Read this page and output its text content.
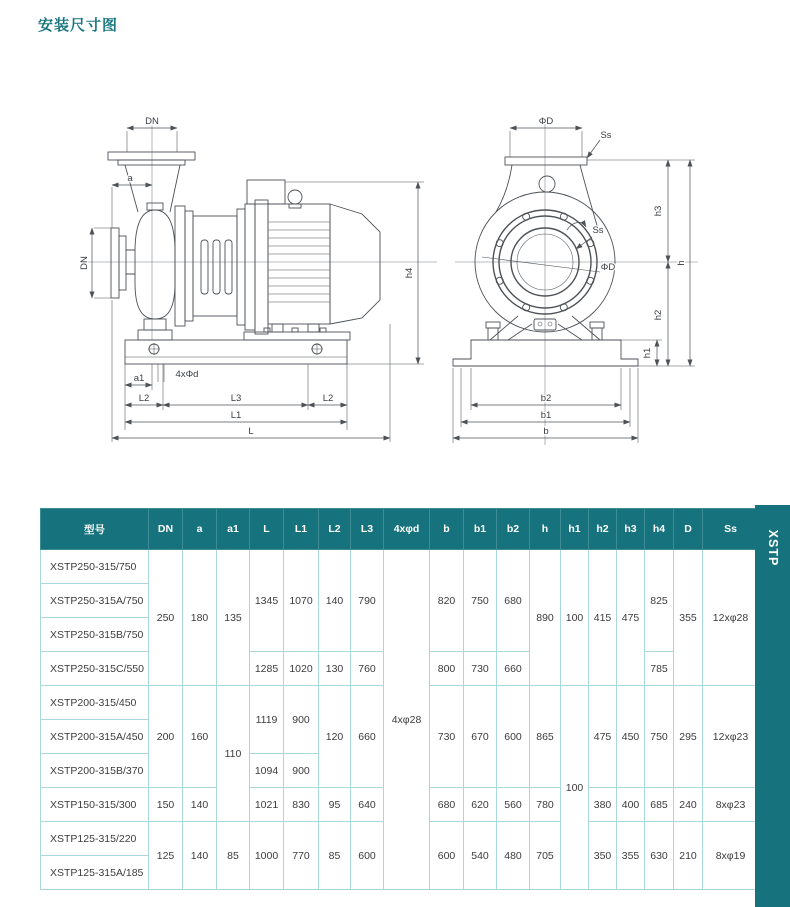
安装尺寸图
DN
a
DN
h4
4xΦd
a1
L2	L3	L2
L1
L
ΦD
Ss
Ss
ΦD
h3
h
h2
h1
b2
b1
b
型号	DN	a	a1	L	L1	L2	L3	4xφd	b	b1	b2	h	h1	h2	h3	h4	D	Ss
XSTP250-315/750	250	180	135	1345	1070	140	790	4xφ28	820	750	680	890	100	415	475	825	355	12xφ28
XSTP250-315A/750																		
XSTP250-315B/750																		
XSTP250-315C/550				1285	1020	130	760		800	730	660					785		
XSTP200-315/450	200	160	110	1119	900	120	660		730	670	600	865	100	475	450	750	295	12xφ23
XSTP200-315A/450																		
XSTP200-315B/370				1094	900													
XSTP150-315/300	150	140		1021	830	95	640		680	620	560	780		380	400	685	240	8xφ23
XSTP125-315/220	125	140	85	1000	770	85	600		600	540	480	705		350	355	630	210	8xφ19
XSTP125-315A/185																		
XSTP
